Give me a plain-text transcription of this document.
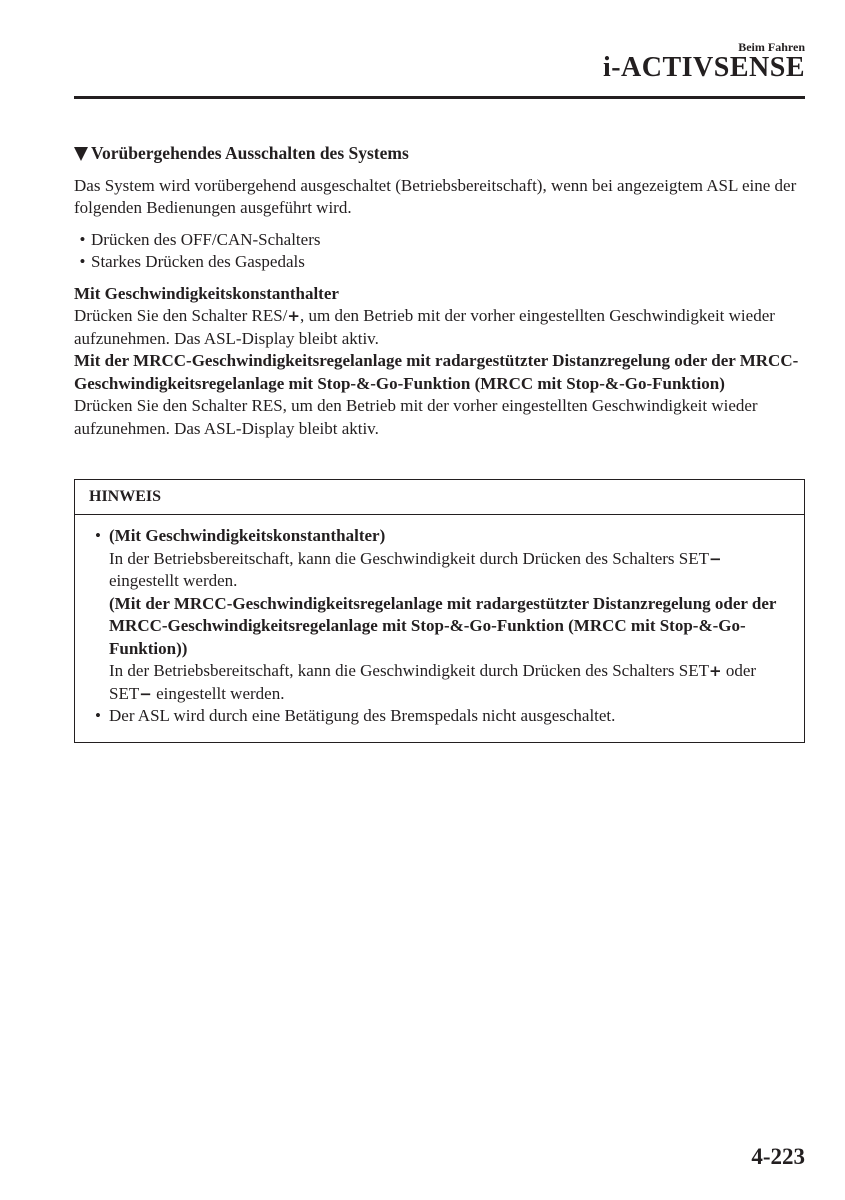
Beim Fahren
i-ACTIVSENSE
Vorübergehendes Ausschalten des Systems

Das System wird vorübergehend ausgeschaltet (Betriebsbereitschaft), wenn bei angezeigtem ASL eine der folgenden Bedienungen ausgeführt wird.

• Drücken des OFF/CAN-Schalters
• Starkes Drücken des Gaspedals

Mit Geschwindigkeitskonstanthalter

Drücken Sie den Schalter RES/+, um den Betrieb mit der vorher eingestellten Geschwindigkeit wieder aufzunehmen. Das ASL-Display bleibt aktiv.

Mit der MRCC-Geschwindigkeitsregelanlage mit radargestützter Distanzregelung oder der MRCC-Geschwindigkeitsregelanlage mit Stop-&-Go-Funktion (MRCC mit Stop-&-Go-Funktion)

Drücken Sie den Schalter RES, um den Betrieb mit der vorher eingestellten Geschwindigkeit wieder aufzunehmen. Das ASL-Display bleibt aktiv.

HINWEIS
• (Mit Geschwindigkeitskonstanthalter)

In der Betriebsbereitschaft, kann die Geschwindigkeit durch Drücken des Schalters SET− eingestellt werden.

(Mit der MRCC-Geschwindigkeitsregelanlage mit radargestützter Distanzregelung oder der MRCC-Geschwindigkeitsregelanlage mit Stop-&-Go-Funktion (MRCC mit Stop-&-Go-Funktion))

In der Betriebsbereitschaft, kann die Geschwindigkeit durch Drücken des Schalters SET+ oder SET− eingestellt werden.

• Der ASL wird durch eine Betätigung des Bremspedals nicht ausgeschaltet.
4-223
